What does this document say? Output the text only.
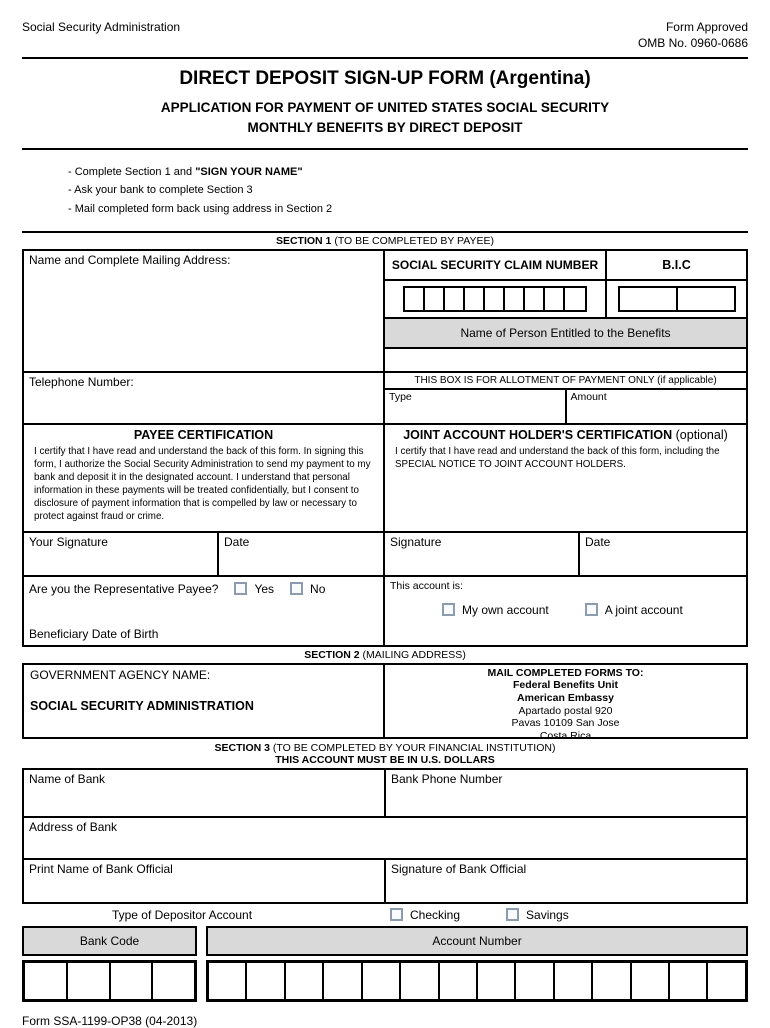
Social Security Administration	Form Approved
OMB No. 0960-0686
DIRECT DEPOSIT SIGN-UP FORM (Argentina)
APPLICATION FOR PAYMENT OF UNITED STATES SOCIAL SECURITY
MONTHLY BENEFITS BY DIRECT DEPOSIT
- Complete Section 1 and "SIGN YOUR NAME"
- Ask your bank to complete Section 3
- Mail completed form back using address in Section 2
SECTION 1 (TO BE COMPLETED BY PAYEE)
Name and Complete Mailing Address:	SOCIAL SECURITY CLAIM NUMBER	B.I.C
Name of Person Entitled to the Benefits
Telephone Number:	THIS BOX IS FOR ALLOTMENT OF PAYMENT ONLY (if applicable)
Type	Amount
PAYEE CERTIFICATION
I certify that I have read and understand the back of this form. In signing this form, I authorize the Social Security Administration to send my payment to my bank and deposit it in the designated account. I understand that personal information in these payments will be treated confidentially, but I consent to disclosure of payment information that is compelled by law or necessary to protect against fraud or crime.
JOINT ACCOUNT HOLDER'S CERTIFICATION (optional)
I certify that I have read and understand the back of this form, including the SPECIAL NOTICE TO JOINT ACCOUNT HOLDERS.
Your Signature	Date	Signature	Date
Are you the Representative Payee?	Yes	No
Beneficiary Date of Birth
This account is:
My own account	A joint account
SECTION 2 (MAILING ADDRESS)
GOVERNMENT AGENCY NAME:
SOCIAL SECURITY ADMINISTRATION
MAIL COMPLETED FORMS TO:
Federal Benefits Unit
American Embassy
Apartado postal 920
Pavas 10109 San Jose
Costa Rica
SECTION 3 (TO BE COMPLETED BY YOUR FINANCIAL INSTITUTION)
THIS ACCOUNT MUST BE IN U.S. DOLLARS
Name of Bank	Bank Phone Number
Address of Bank
Print Name of Bank Official	Signature of Bank Official
Type of Depositor Account	Checking	Savings
Bank Code	Account Number
Form SSA-1199-OP38 (04-2013)
